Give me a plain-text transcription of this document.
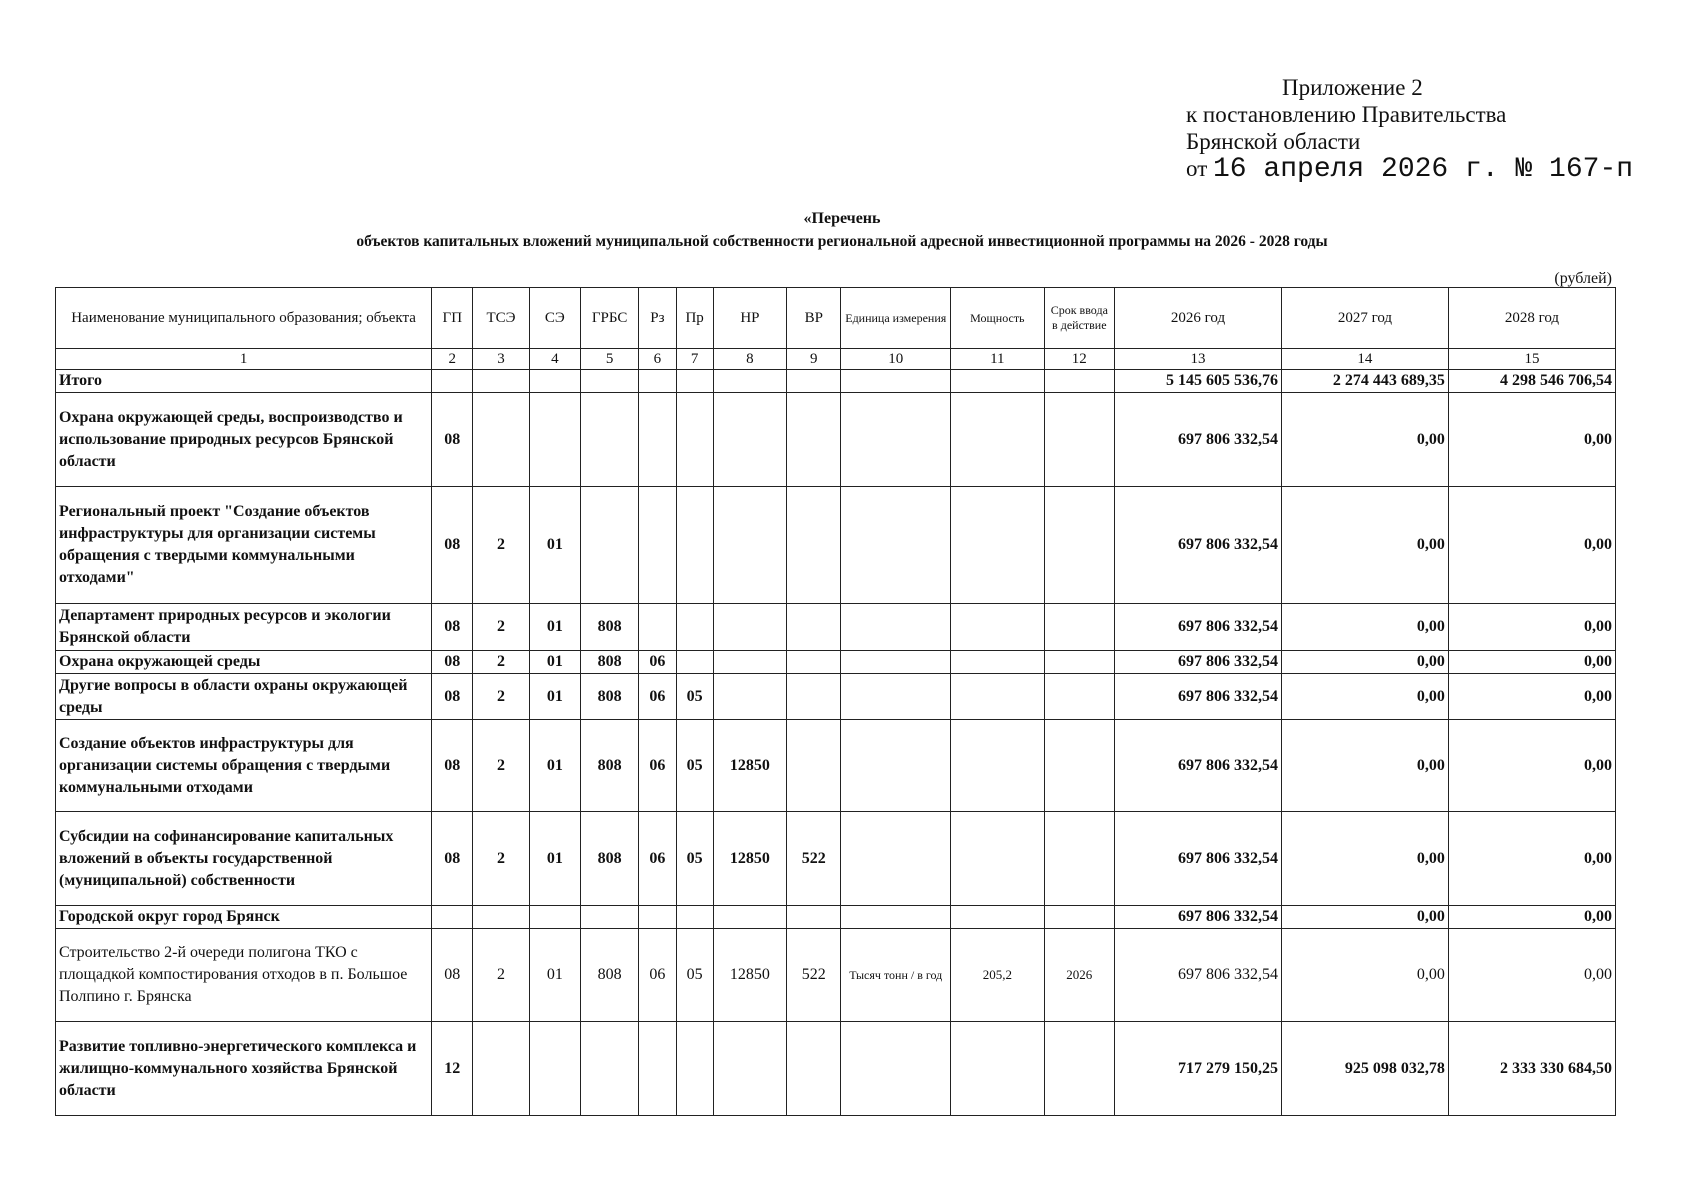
Приложение 2
к постановлению Правительства
Брянской области
от 16 апреля 2026 г. № 167-п
«Перечень
объектов капитальных вложений муниципальной собственности региональной адресной инвестиционной программы на 2026 - 2028 годы
(рублей)
Наименование муниципального образования; объекта	ГП	ТСЭ	СЭ	ГРБС	Рз	Пр	НР	ВР	Единица измерения	Мощность	Срок ввода в действие	2026 год	2027 год	2028 год
1	2	3	4	5	6	7	8	9	10	11	12	13	14	15
Итого												5 145 605 536,76	2 274 443 689,35	4 298 546 706,54
Охрана окружающей среды, воспроизводство и использование природных ресурсов Брянской области	08											697 806 332,54	0,00	0,00
Региональный проект "Создание объектов инфраструктуры для организации системы обращения с твердыми коммунальными отходами"	08	2	01									697 806 332,54	0,00	0,00
Департамент природных ресурсов и экологии Брянской области	08	2	01	808								697 806 332,54	0,00	0,00
Охрана окружающей среды	08	2	01	808	06							697 806 332,54	0,00	0,00
Другие вопросы в области охраны окружающей среды	08	2	01	808	06	05						697 806 332,54	0,00	0,00
Создание объектов инфраструктуры для организации системы обращения с твердыми коммунальными отходами	08	2	01	808	06	05	12850					697 806 332,54	0,00	0,00
Субсидии на софинансирование капитальных вложений в объекты государственной (муниципальной) собственности	08	2	01	808	06	05	12850	522				697 806 332,54	0,00	0,00
Городской округ город Брянск												697 806 332,54	0,00	0,00
Строительство 2-й очереди полигона ТКО с площадкой компостирования отходов в п. Большое Полпино г. Брянска	08	2	01	808	06	05	12850	522	Тысяч тонн / в год	205,2	2026	697 806 332,54	0,00	0,00
Развитие топливно-энергетического комплекса и жилищно-коммунального хозяйства Брянской области	12											717 279 150,25	925 098 032,78	2 333 330 684,50
